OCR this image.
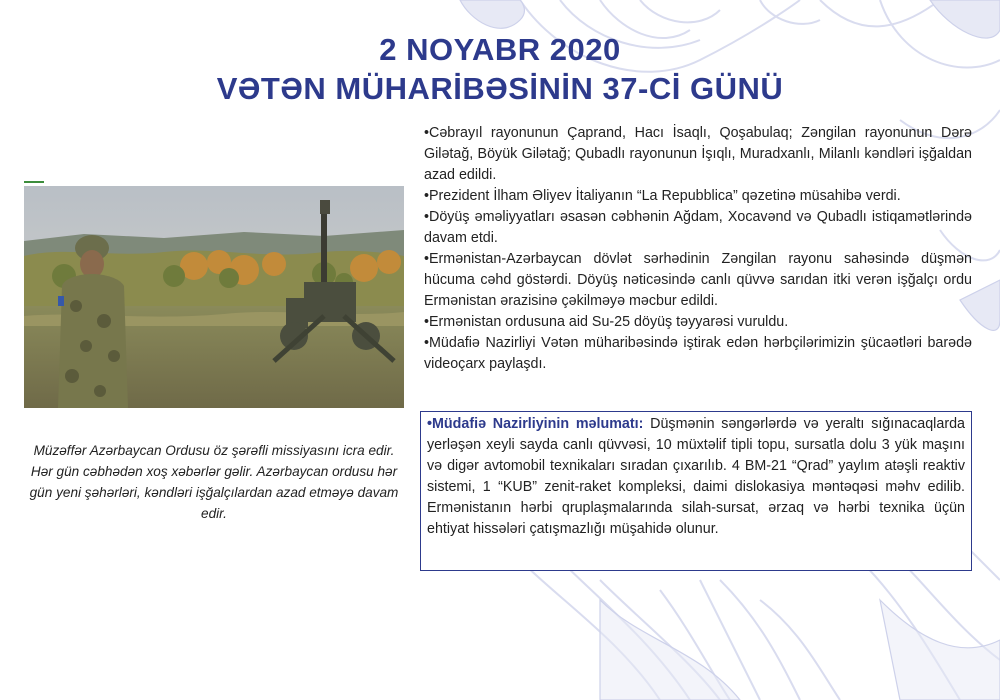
2 NOYABR 2020
VƏTƏN MÜHARİBƏSİNİN 37-Cİ GÜNÜ
Müzəffər Azərbaycan Ordusu öz şərəfli missiyasını icra edir. Hər gün cəbhədən xoş xəbərlər gəlir. Azərbaycan ordusu hər gün yeni şəhərləri, kəndləri işğalçılardan azad etməyə davam edir.

•Cəbrayıl rayonunun Çaprand, Hacı İsaqlı, Qoşabulaq; Zəngilan rayonunun Dərə Gilətağ, Böyük Gilətağ; Qubadlı rayonunun İşıqlı, Muradxanlı, Milanlı kəndləri işğaldan azad edildi.

•Prezident İlham Əliyev İtaliyanın “La Repubblica” qəzetinə müsahibə verdi.

•Döyüş əməliyyatları əsasən cəbhənin Ağdam, Xocavənd və Qubadlı istiqamətlərində davam etdi.

•Ermənistan-Azərbaycan dövlət sərhədinin Zəngilan rayonu sahəsində düşmən hücuma cəhd göstərdi. Döyüş nəticəsində canlı qüvvə sarıdan itki verən işğalçı ordu Ermənistan ərazisinə çəkilməyə məcbur edildi.

•Ermənistan ordusuna aid Su-25 döyüş təyyarəsi vuruldu.

•Müdafiə Nazirliyi Vətən müharibəsində iştirak edən hərbçilərimizin şücaətləri barədə videoçarx paylaşdı.

•Müdafiə Nazirliyinin məlumatı: Düşmənin səngərlərdə və yeraltı sığınacaqlarda yerləşən xeyli sayda canlı qüvvəsi, 10 müxtəlif tipli topu, sursatla dolu 3 yük maşını və digər avtomobil texnikaları sıradan çıxarılıb. 4 BM-21 “Qrad” yaylım atəşli reaktiv sistemi, 1 “KUB” zenit-raket kompleksi, daimi dislokasiya məntəqəsi məhv edilib. Ermənistanın hərbi qruplaşmalarında silah-sursat, ərzaq və hərbi texnika üçün ehtiyat hissələri çatışmazlığı müşahidə olunur.
